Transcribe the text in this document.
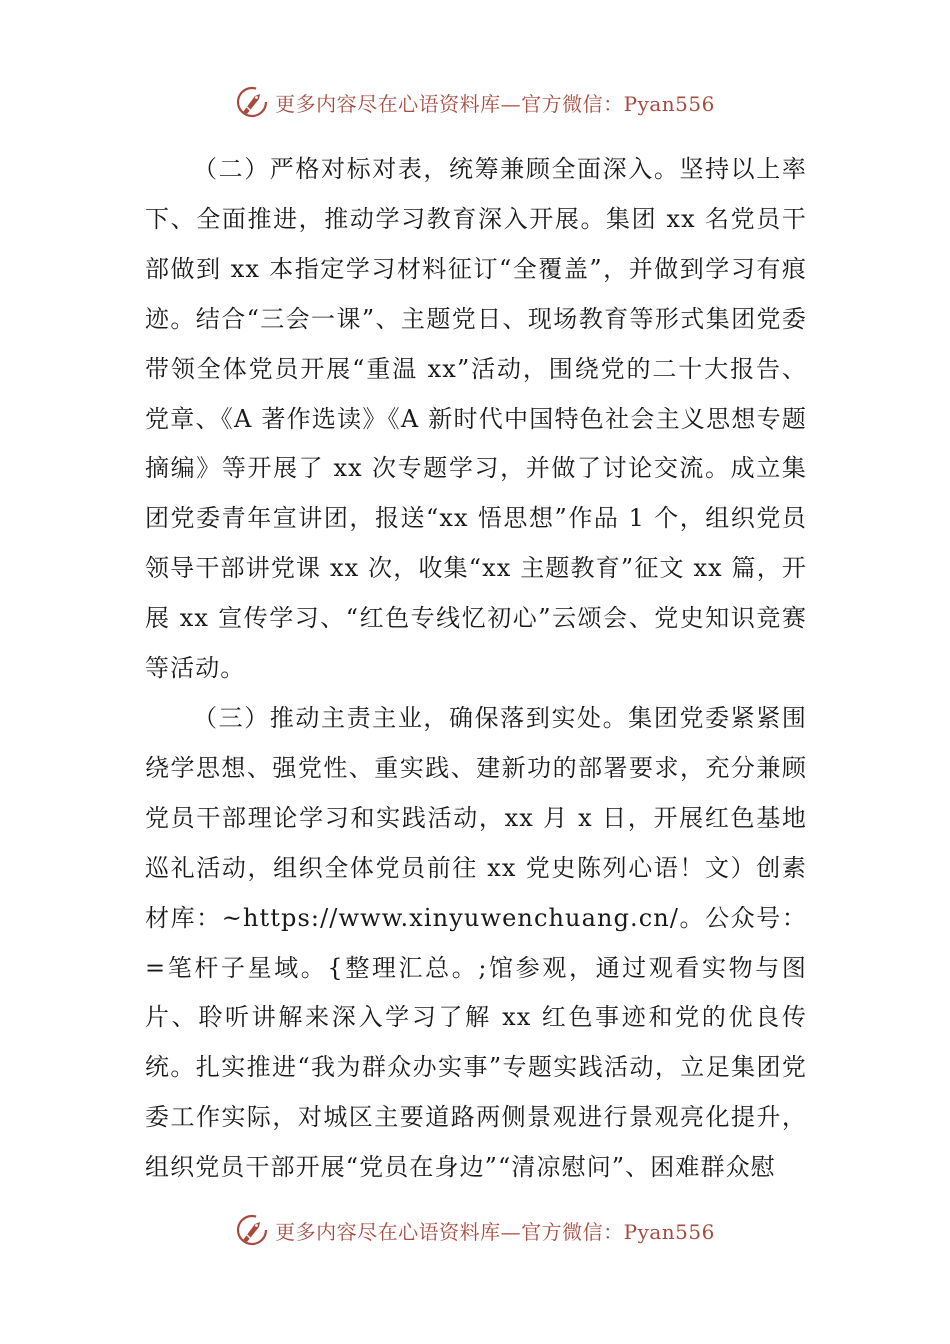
更多内容尽在心语资料库—官方微信：Pyan556

（二）严格对标对表，统筹兼顾全面深入。坚持以上率下、全面推进，推动学习教育深入开展。集团 xx 名党员干部做到 xx 本指定学习材料征订“全覆盖”，并做到学习有痕迹。结合“三会一课”、主题党日、现场教育等形式集团党委带领全体党员开展“重温 xx”活动，围绕党的二十大报告、党章、《A 著作选读》《A 新时代中国特色社会主义思想专题摘编》等开展了 xx 次专题学习，并做了讨论交流。成立集团党委青年宣讲团，报送“xx 悟思想”作品 1 个，组织党员领导干部讲党课 xx 次，收集“xx 主题教育”征文 xx 篇，开展 xx 宣传学习、“红色专线忆初心”云颂会、党史知识竞赛等活动。

（三）推动主责主业，确保落到实处。集团党委紧紧围绕学思想、强党性、重实践、建新功的部署要求，充分兼顾党员干部理论学习和实践活动，xx 月 x 日，开展红色基地巡礼活动，组织全体党员前往 xx 党史陈列心语！文）创素材库：~https://www.xinyuwenchuang.cn/。公众号：=笔杆子星域。{整理汇总。;馆参观，通过观看实物与图片、聆听讲解来深入学习了解 xx 红色事迹和党的优良传统。扎实推进“我为群众办实事”专题实践活动，立足集团党委工作实际，对城区主要道路两侧景观进行景观亮化提升，组织党员干部开展“党员在身边”“清凉慰问”、困难群众慰

更多内容尽在心语资料库—官方微信：Pyan556
